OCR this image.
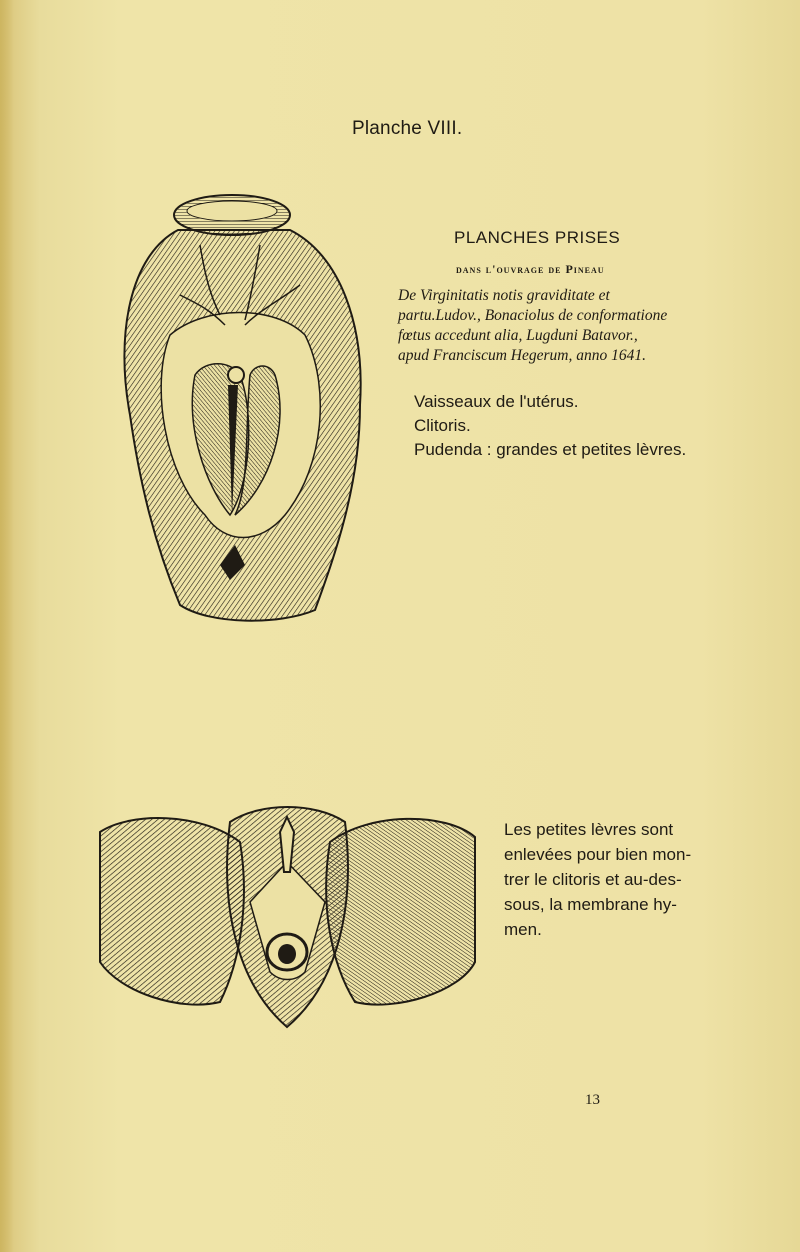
Planche VIII.
PLANCHES PRISES
dans l'ouvrage de Pineau
De Virginitatis notis graviditate et
partu.Ludov., Bonaciolus de conformatione
fœtus accedunt alia, Lugduni Batavor.,
apud Franciscum Hegerum, anno 1641.
Vaisseaux de l'utérus.
Clitoris.
Pudenda : grandes et petites lèvres.
Les petites lèvres sont
enlevées pour bien mon-
trer le clitoris et au-des-
sous, la membrane hy-
men.
13
